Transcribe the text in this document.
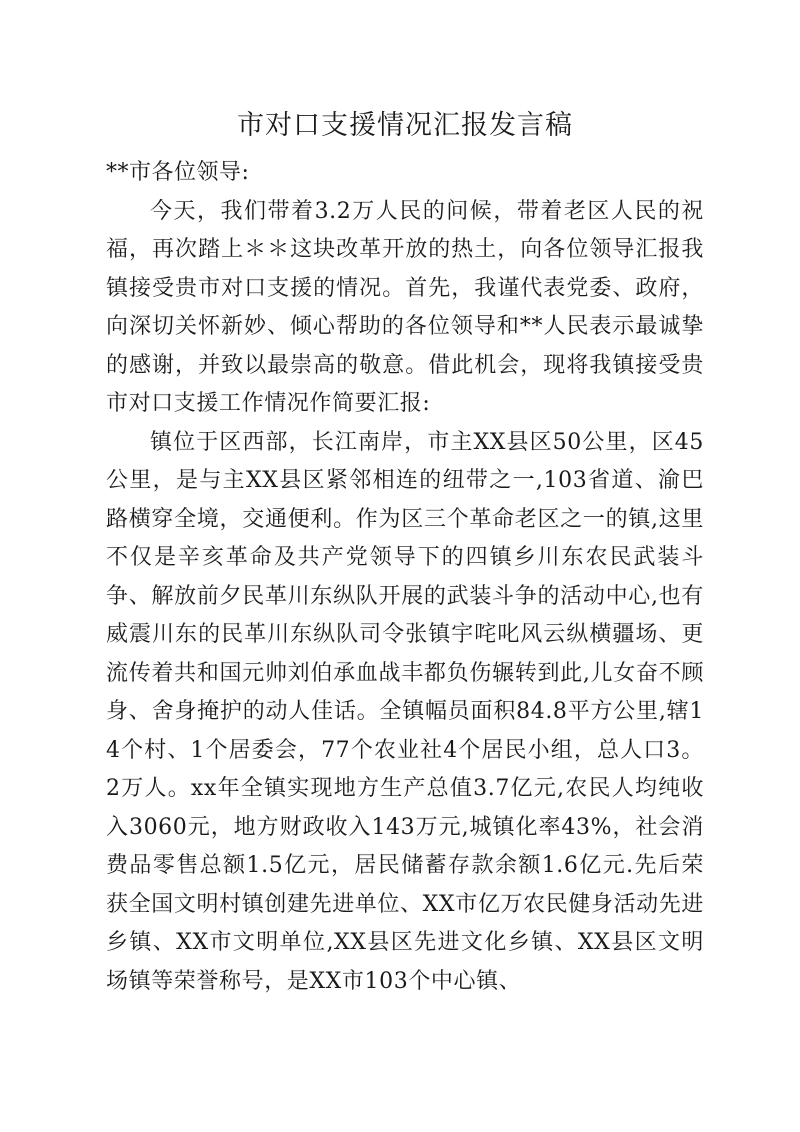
市对口支援情况汇报发言稿

**市各位领导:

今天，我们带着3.2万人民的问候，带着老区人民的祝福，再次踏上＊＊这块改革开放的热土，向各位领导汇报我镇接受贵市对口支援的情况。首先，我谨代表党委、政府，向深切关怀新妙、倾心帮助的各位领导和**人民表示最诚挚的感谢，并致以最崇高的敬意。借此机会，现将我镇接受贵市对口支援工作情况作简要汇报:

镇位于区西部，长江南岸，市主XX县区50公里，区45公里，是与主XX县区紧邻相连的纽带之一,103省道、渝巴路横穿全境，交通便利。作为区三个革命老区之一的镇,这里不仅是辛亥革命及共产党领导下的四镇乡川东农民武装斗争、解放前夕民革川东纵队开展的武装斗争的活动中心,也有威震川东的民革川东纵队司令张镇宇咤叱风云纵横疆场、更流传着共和国元帅刘伯承血战丰都负伤辗转到此,儿女奋不顾身、舍身掩护的动人佳话。全镇幅员面积84.8平方公里,辖14个村、1个居委会，77个农业社4个居民小组，总人口3。2万人。xx年全镇实现地方生产总值3.7亿元,农民人均纯收入3060元，地方财政收入143万元,城镇化率43%，社会消费品零售总额1.5亿元，居民储蓄存款余额1.6亿元.先后荣获全国文明村镇创建先进单位、XX市亿万农民健身活动先进乡镇、XX市文明单位,XX县区先进文化乡镇、XX县区文明场镇等荣誉称号，是XX市103个中心镇、
